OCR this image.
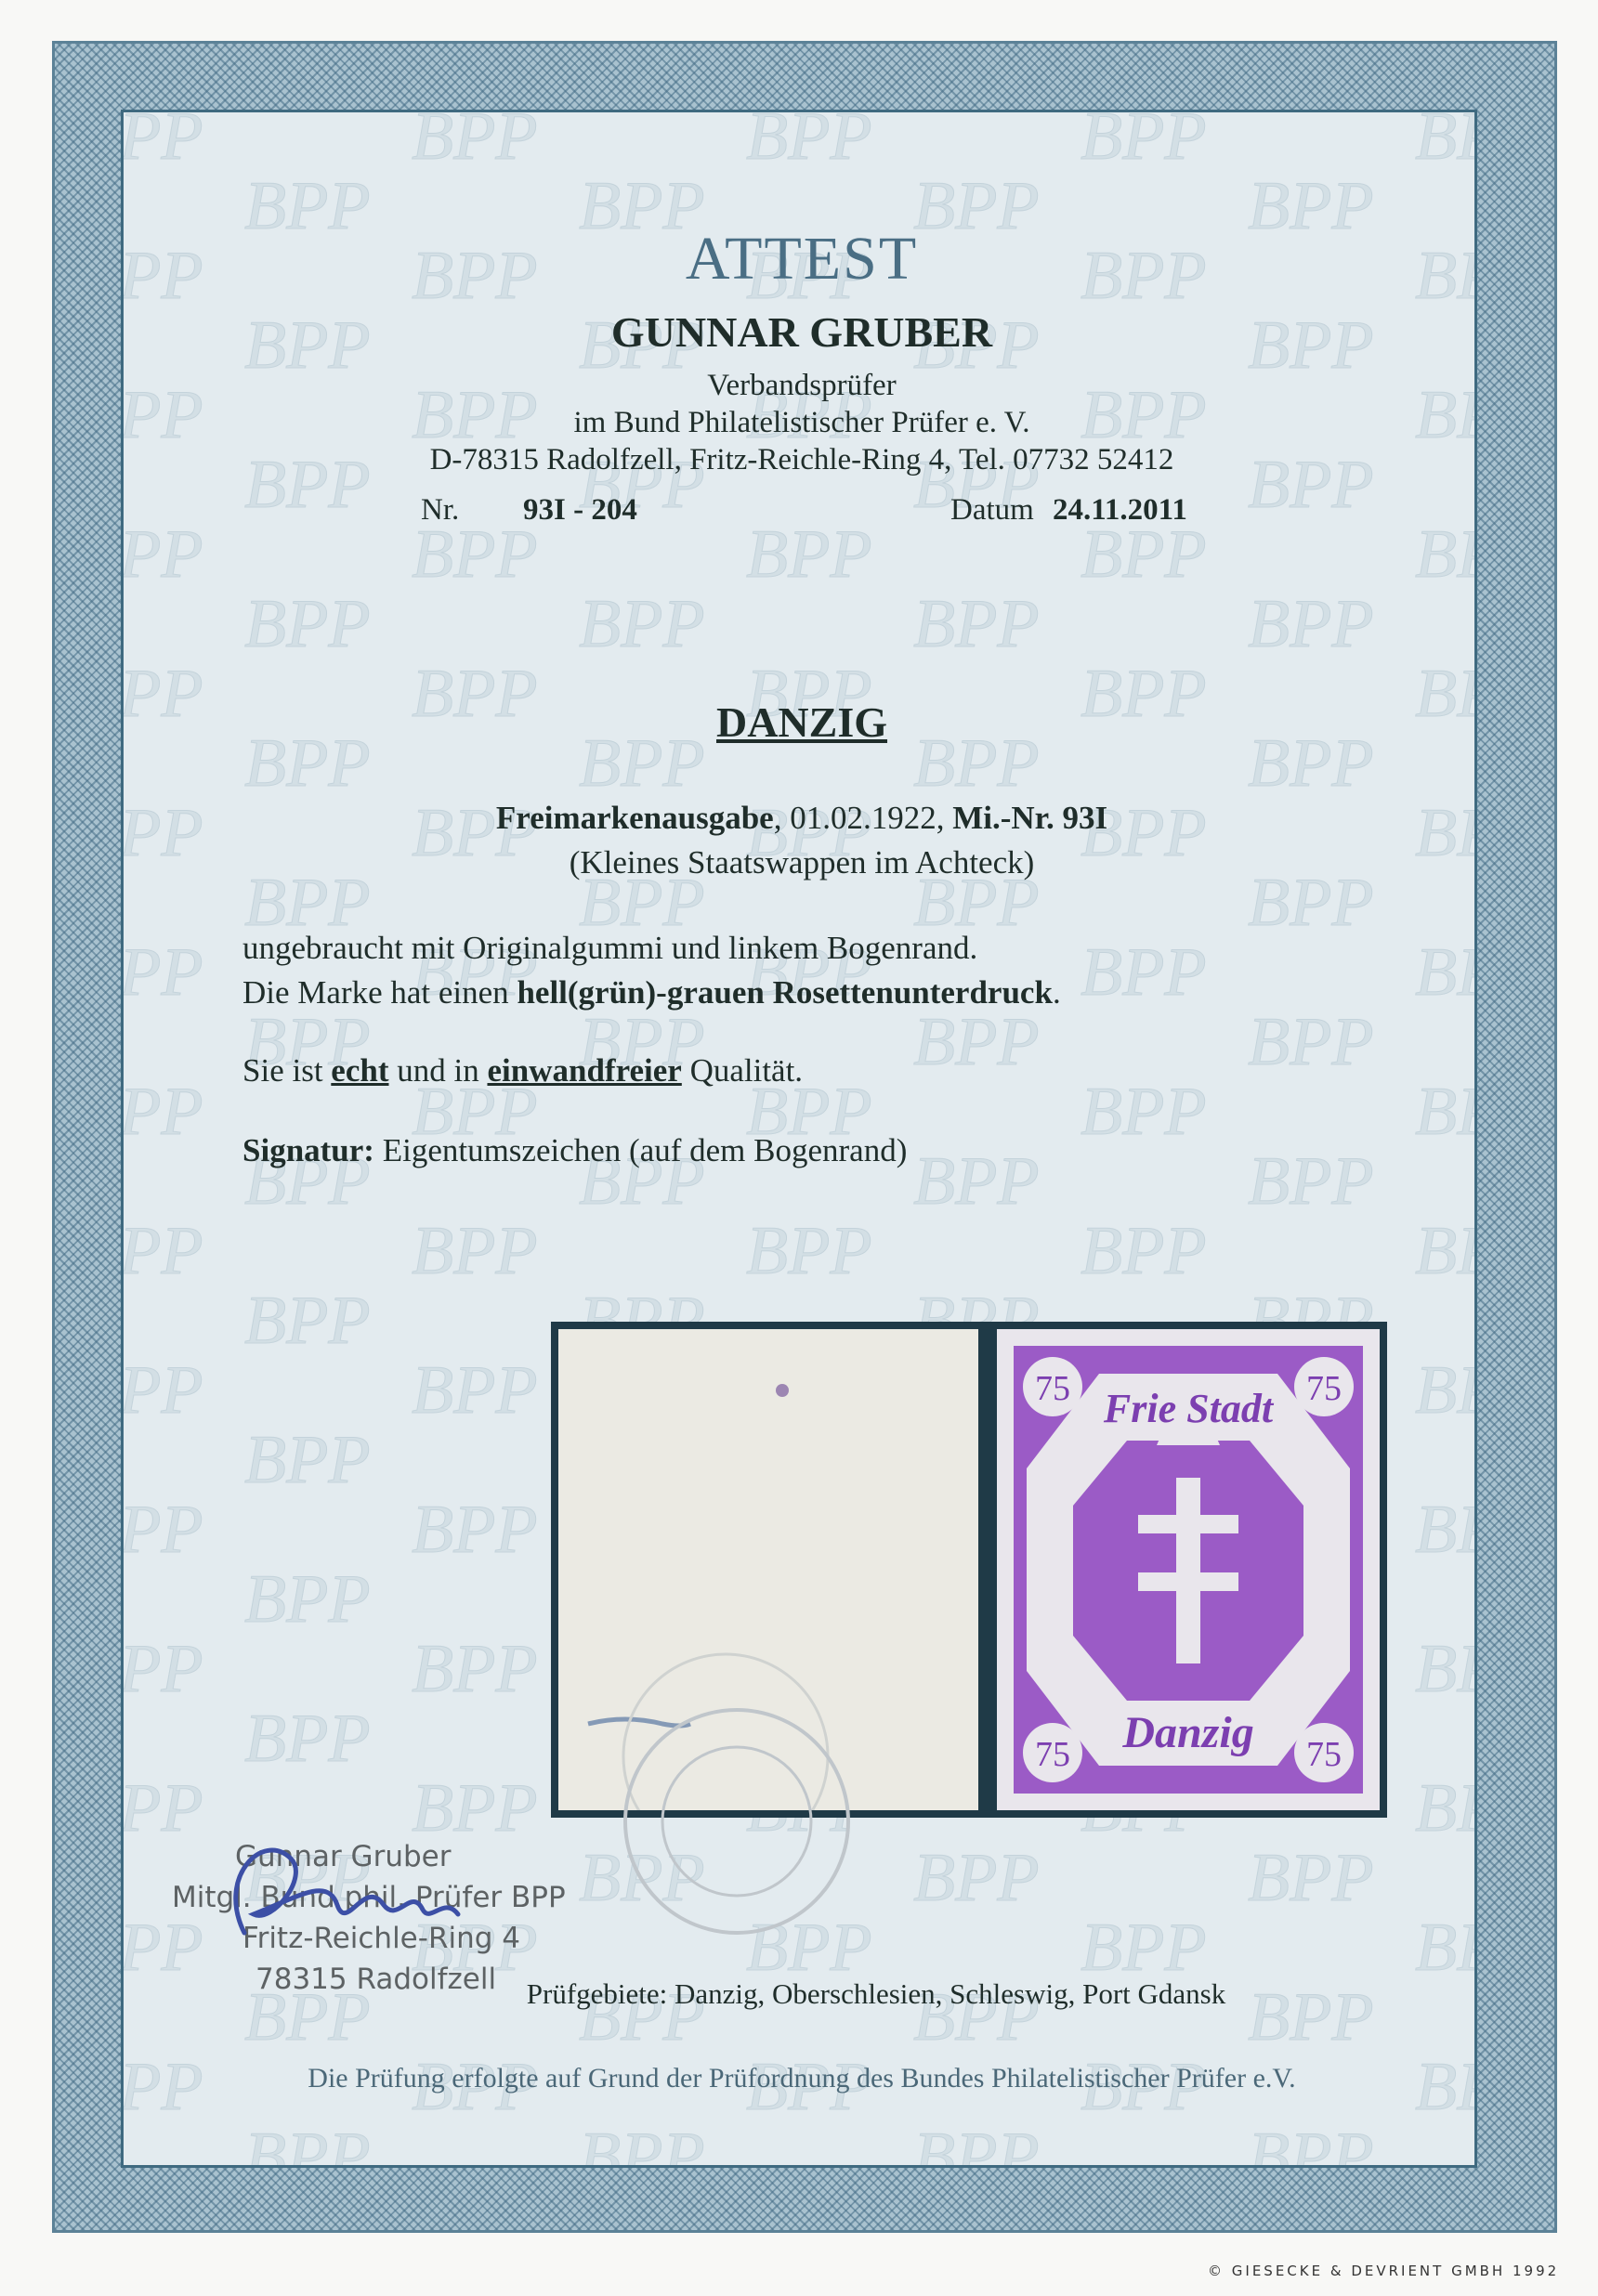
ATTEST
GUNNAR GRUBER
Verbandsprüfer
im Bund Philatelistischer Prüfer e. V.
D-78315 Radolfzell, Fritz-Reichle-Ring 4, Tel. 07732 52412
Nr. 93I - 204	Datum 24.11.2011
DANZIG
Freimarkenausgabe, 01.02.1922, Mi.-Nr. 93I
(Kleines Staatswappen im Achteck)
ungebraucht mit Originalgummi und linkem Bogenrand.
Die Marke hat einen hell(grün)-grauen Rosettenunterdruck.
Sie ist echt und in einwandfreier Qualität.
Signatur: Eigentumszeichen (auf dem Bogenrand)
75	75
75	75
Frie Stadt
Danzig
Gunnar Gruber
Mitgl. Bund phil. Prüfer BPP
Fritz-Reichle-Ring 4
78315 Radolfzell	Prüfgebiete: Danzig, Oberschlesien, Schleswig, Port Gdansk
Die Prüfung erfolgte auf Grund der Prüfordnung des Bundes Philatelistischer Prüfer e.V.
© GIESECKE & DEVRIENT GMBH 1992
